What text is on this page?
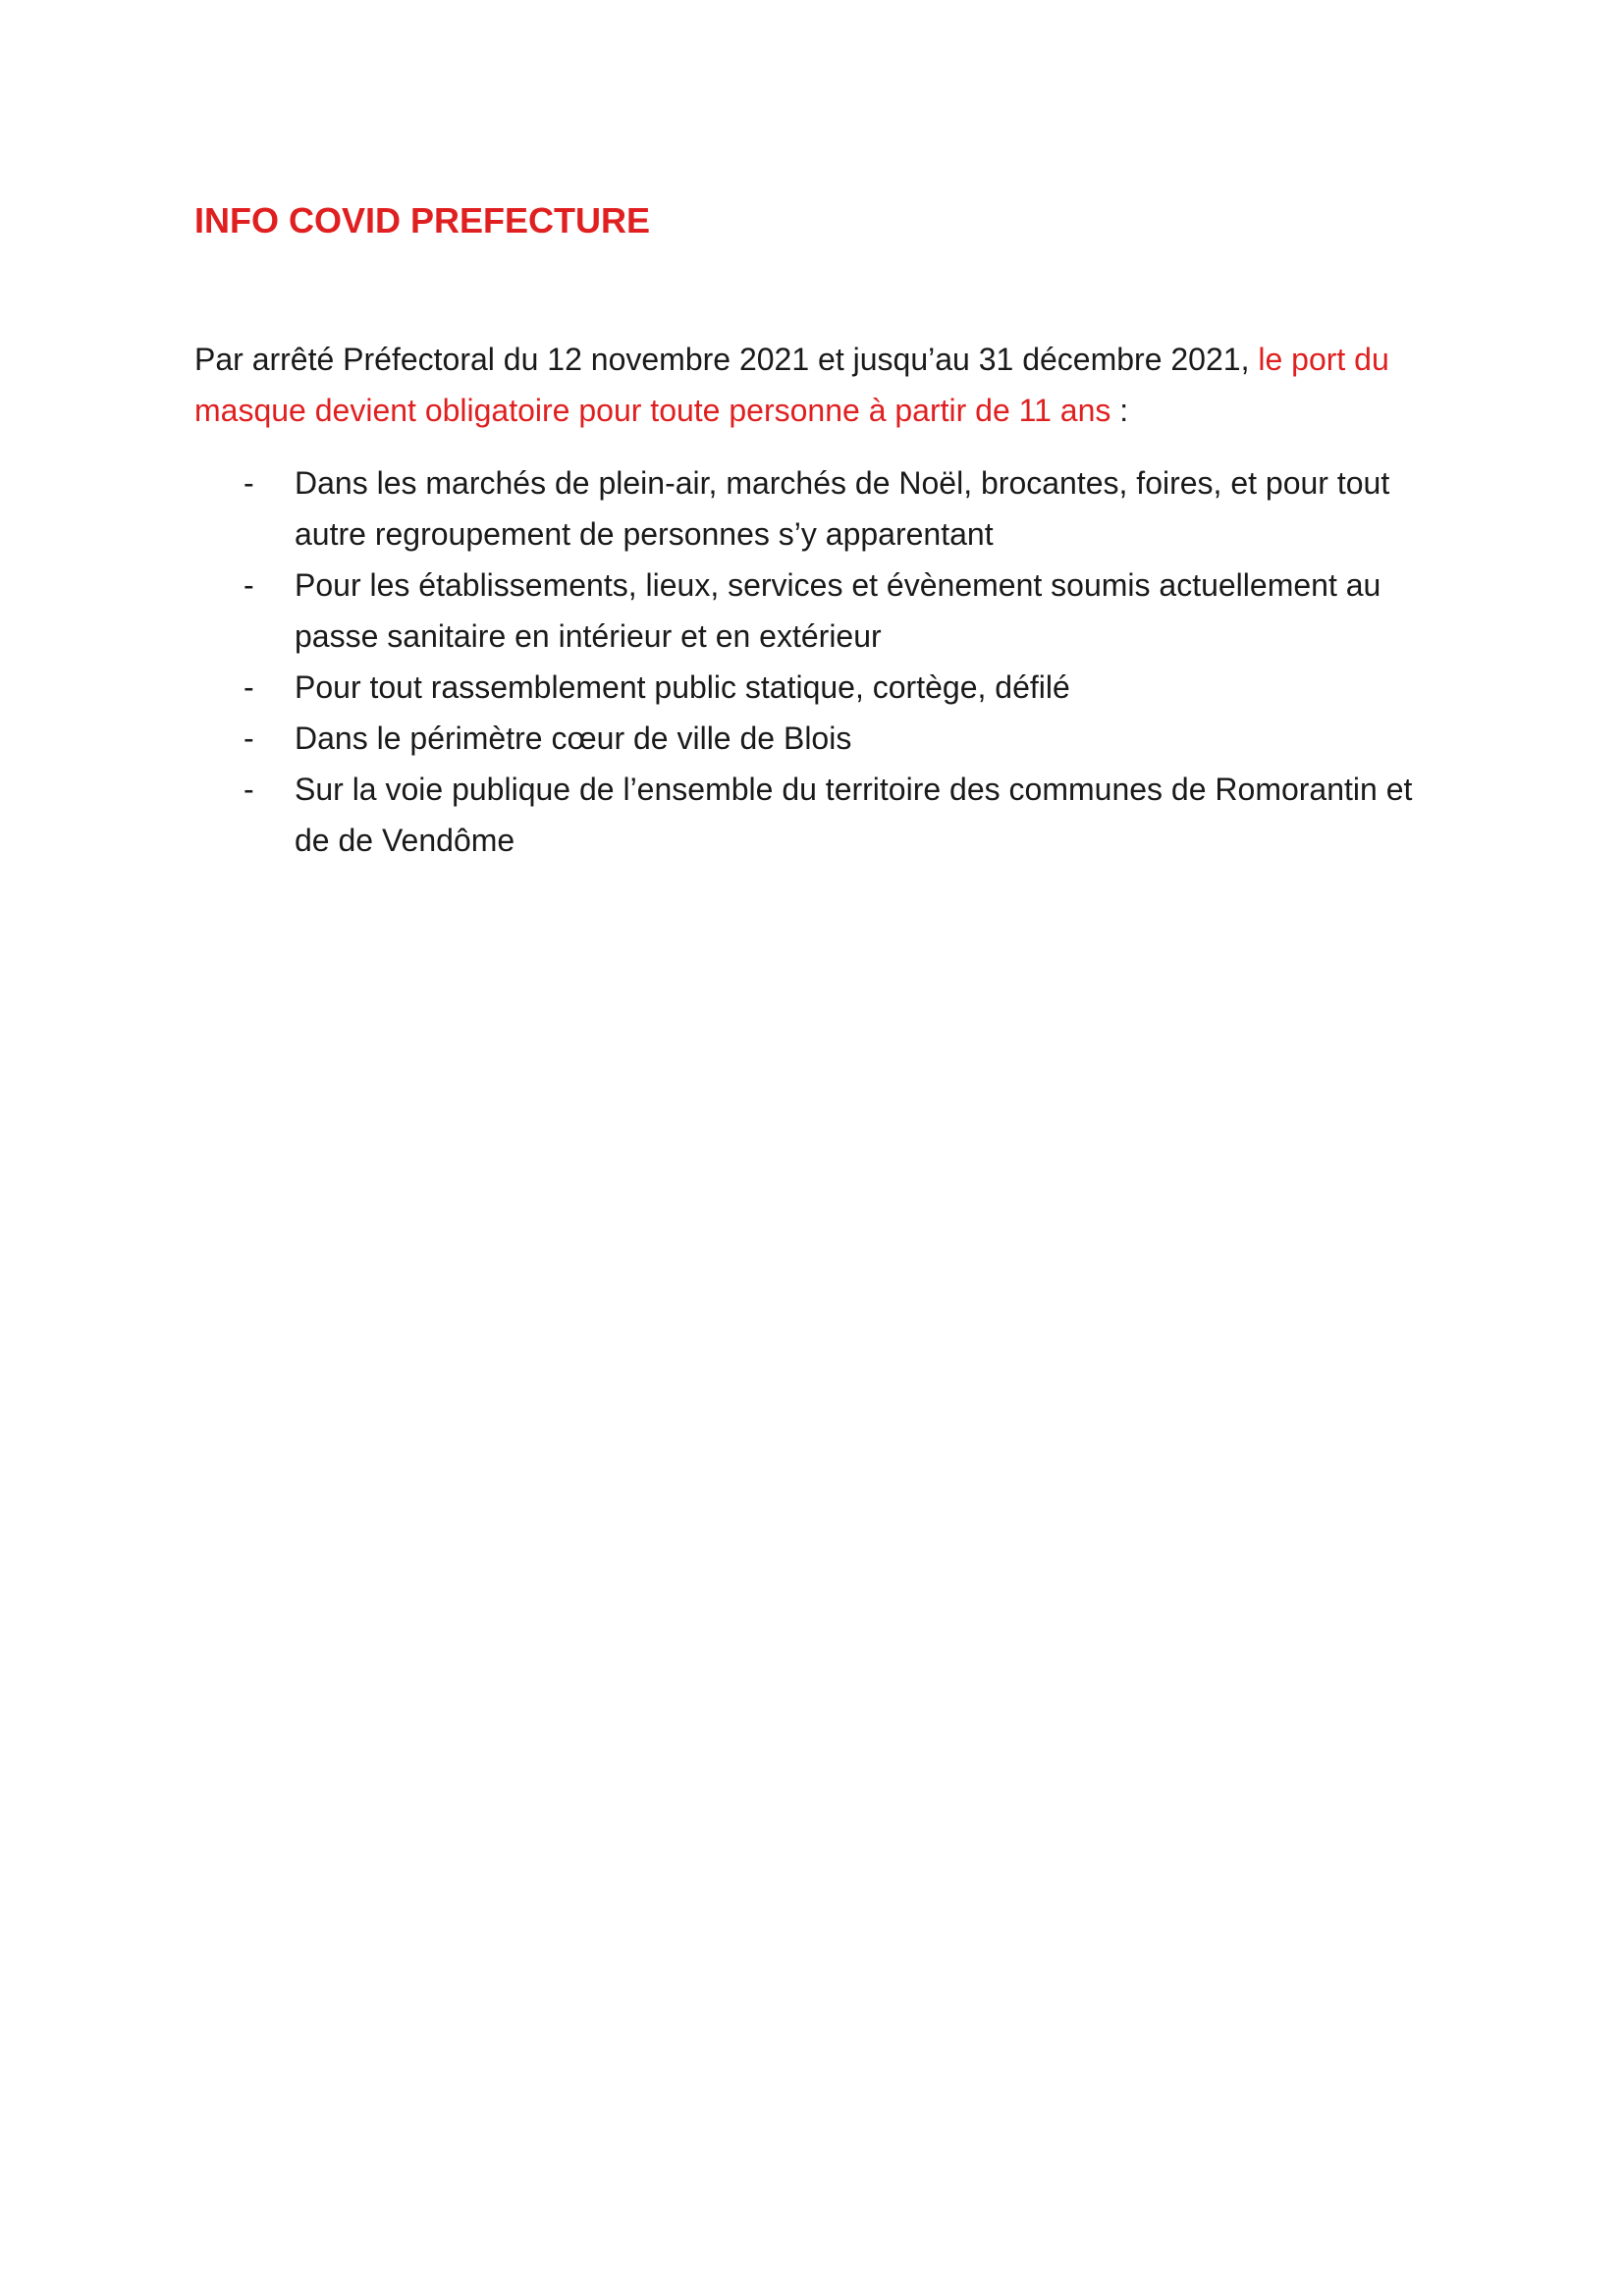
INFO COVID PREFECTURE

Par arrêté Préfectoral du 12 novembre 2021 et jusqu’au 31 décembre 2021, le port du masque devient obligatoire pour toute personne à partir de 11 ans :

- Dans les marchés de plein-air, marchés de Noël, brocantes, foires, et pour tout autre regroupement de personnes s’y apparentant
- Pour les établissements, lieux, services et évènement soumis actuellement au passe sanitaire en intérieur et en extérieur
- Pour tout rassemblement public statique, cortège, défilé
- Dans le périmètre cœur de ville de Blois
- Sur la voie publique de l’ensemble du territoire des communes de Romorantin et de de Vendôme
